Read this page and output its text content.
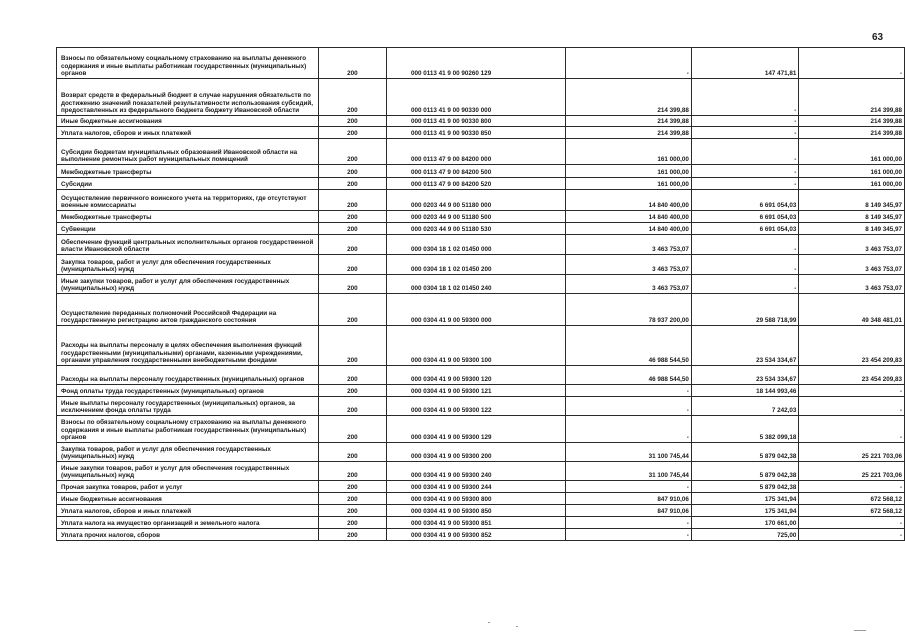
63
Взносы по обязательному социальному страхованию на выплаты денежного содержания и иные выплаты работникам государственных (муниципальных) органов	200	000 0113 41 9 00 90260 129	-	147 471,81	-
Возврат средств в федеральный бюджет в случае нарушения обязательств по достижению значений показателей результативности использования субсидий, предоставленных из федерального бюджета бюджету Ивановской области	200	000 0113 41 9 00 90330 000	214 399,88	-	214 399,88
Иные бюджетные ассигнования	200	000 0113 41 9 00 90330 800	214 399,88	-	214 399,88
Уплата налогов, сборов и иных платежей	200	000 0113 41 9 00 90330 850	214 399,88	-	214 399,88
Субсидии бюджетам муниципальных образований Ивановской области на выполнение ремонтных работ муниципальных помещений	200	000 0113 47 9 00 84200 000	161 000,00	-	161 000,00
Межбюджетные трансферты	200	000 0113 47 9 00 84200 500	161 000,00	-	161 000,00
Субсидии	200	000 0113 47 9 00 84200 520	161 000,00	-	161 000,00
Осуществление первичного воинского учета на территориях, где отсутствуют военные комиссариаты	200	000 0203 44 9 00 51180 000	14 840 400,00	6 691 054,03	8 149 345,97
Межбюджетные трансферты	200	000 0203 44 9 00 51180 500	14 840 400,00	6 691 054,03	8 149 345,97
Субвенции	200	000 0203 44 9 00 51180 530	14 840 400,00	6 691 054,03	8 149 345,97
Обеспечение функций центральных исполнительных органов государственной власти Ивановской области	200	000 0304 18 1 02 01450 000	3 463 753,07	-	3 463 753,07
Закупка товаров, работ и услуг для обеспечения государственных (муниципальных) нужд	200	000 0304 18 1 02 01450 200	3 463 753,07	-	3 463 753,07
Иные закупки товаров, работ и услуг для обеспечения государственных (муниципальных) нужд	200	000 0304 18 1 02 01450 240	3 463 753,07	-	3 463 753,07
Осуществление переданных полномочий Российской Федерации на государственную регистрацию актов гражданского состояния	200	000 0304 41 9 00 59300 000	78 937 200,00	29 588 718,99	49 348 481,01
Расходы на выплаты персоналу в целях обеспечения выполнения функций государственными (муниципальными) органами, казенными учреждениями, органами управления государственными внебюджетными фондами	200	000 0304 41 9 00 59300 100	46 988 544,50	23 534 334,67	23 454 209,83
Расходы на выплаты персоналу государственных (муниципальных) органов	200	000 0304 41 9 00 59300 120	46 988 544,50	23 534 334,67	23 454 209,83
Фонд оплаты труда государственных (муниципальных) органов	200	000 0304 41 9 00 59300 121	-	18 144 993,46	-
Иные выплаты персоналу государственных (муниципальных) органов, за исключением фонда оплаты труда	200	000 0304 41 9 00 59300 122	-	7 242,03	-
Взносы по обязательному социальному страхованию на выплаты денежного содержания и иные выплаты работникам государственных (муниципальных) органов	200	000 0304 41 9 00 59300 129	-	5 382 099,18	-
Закупка товаров, работ и услуг для обеспечения государственных (муниципальных) нужд	200	000 0304 41 9 00 59300 200	31 100 745,44	5 879 042,38	25 221 703,06
Иные закупки товаров, работ и услуг для обеспечения государственных (муниципальных) нужд	200	000 0304 41 9 00 59300 240	31 100 745,44	5 879 042,38	25 221 703,06
Прочая закупка товаров, работ и услуг	200	000 0304 41 9 00 59300 244	-	5 879 042,38	-
Иные бюджетные ассигнования	200	000 0304 41 9 00 59300 800	847 910,06	175 341,94	672 568,12
Уплата налогов, сборов и иных платежей	200	000 0304 41 9 00 59300 850	847 910,06	175 341,94	672 568,12
Уплата налога на имущество организаций и земельного налога	200	000 0304 41 9 00 59300 851	-	170 661,00	-
Уплата прочих налогов, сборов	200	000 0304 41 9 00 59300 852	-	725,00	-
